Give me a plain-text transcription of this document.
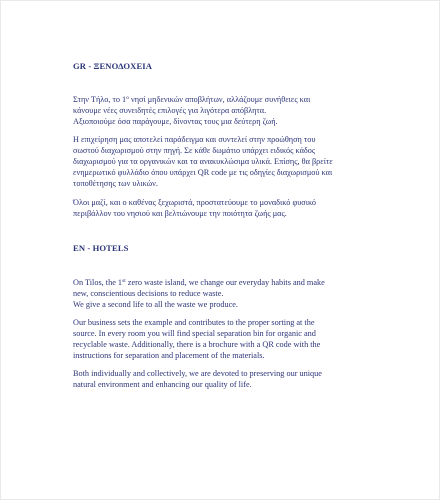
GR - ΞΕΝΟΔΟΧΕΙΑ
Στην Τήλο, το $1^o$ νησί μηδενικών αποβλήτων, αλλάζουμε συνήθειες και
κάνουμε νέες συνειδητές επιλογές για λιγότερα απόβλητα.
Αξιοποιούμε όσα παράγουμε, δίνοντας τους μια δεύτερη ζωή.
Η επιχείρηση μας αποτελεί παράδειγμα και συντελεί στην προώθηση του
σωστού διαχωρισμού στην πηγή. Σε κάθε δωμάτιο υπάρχει ειδικός κάδος
διαχωρισμού για τα οργανικών και τα ανακυκλώσιμα υλικά. Επίσης, θα βρείτε
ενημερωτικό φυλλάδιο όπου υπάρχει QR code με τις οδηγίες διαχωρισμού και
τοποθέτησης των υλικών.
Όλοι μαζί, και ο καθένας ξεχωριστά, προστατεύουμε το μοναδικό φυσικό
περιβάλλον του νησιού και βελτιώνουμε την ποιότητα ζωής μας.
EN - HOTELS
On Tilos, the 1st zero waste island, we change our everyday habits and make
new, conscientious decisions to reduce waste.
We give a second life to all the waste we produce.
Our business sets the example and contributes to the proper sorting at the
source. In every room you will find special separation bin for organic and
recyclable waste. Additionally, there is a brochure with a QR code with the
instructions for separation and placement of the materials.
Both individually and collectively, we are devoted to preserving our unique
natural environment and enhancing our quality of life.
